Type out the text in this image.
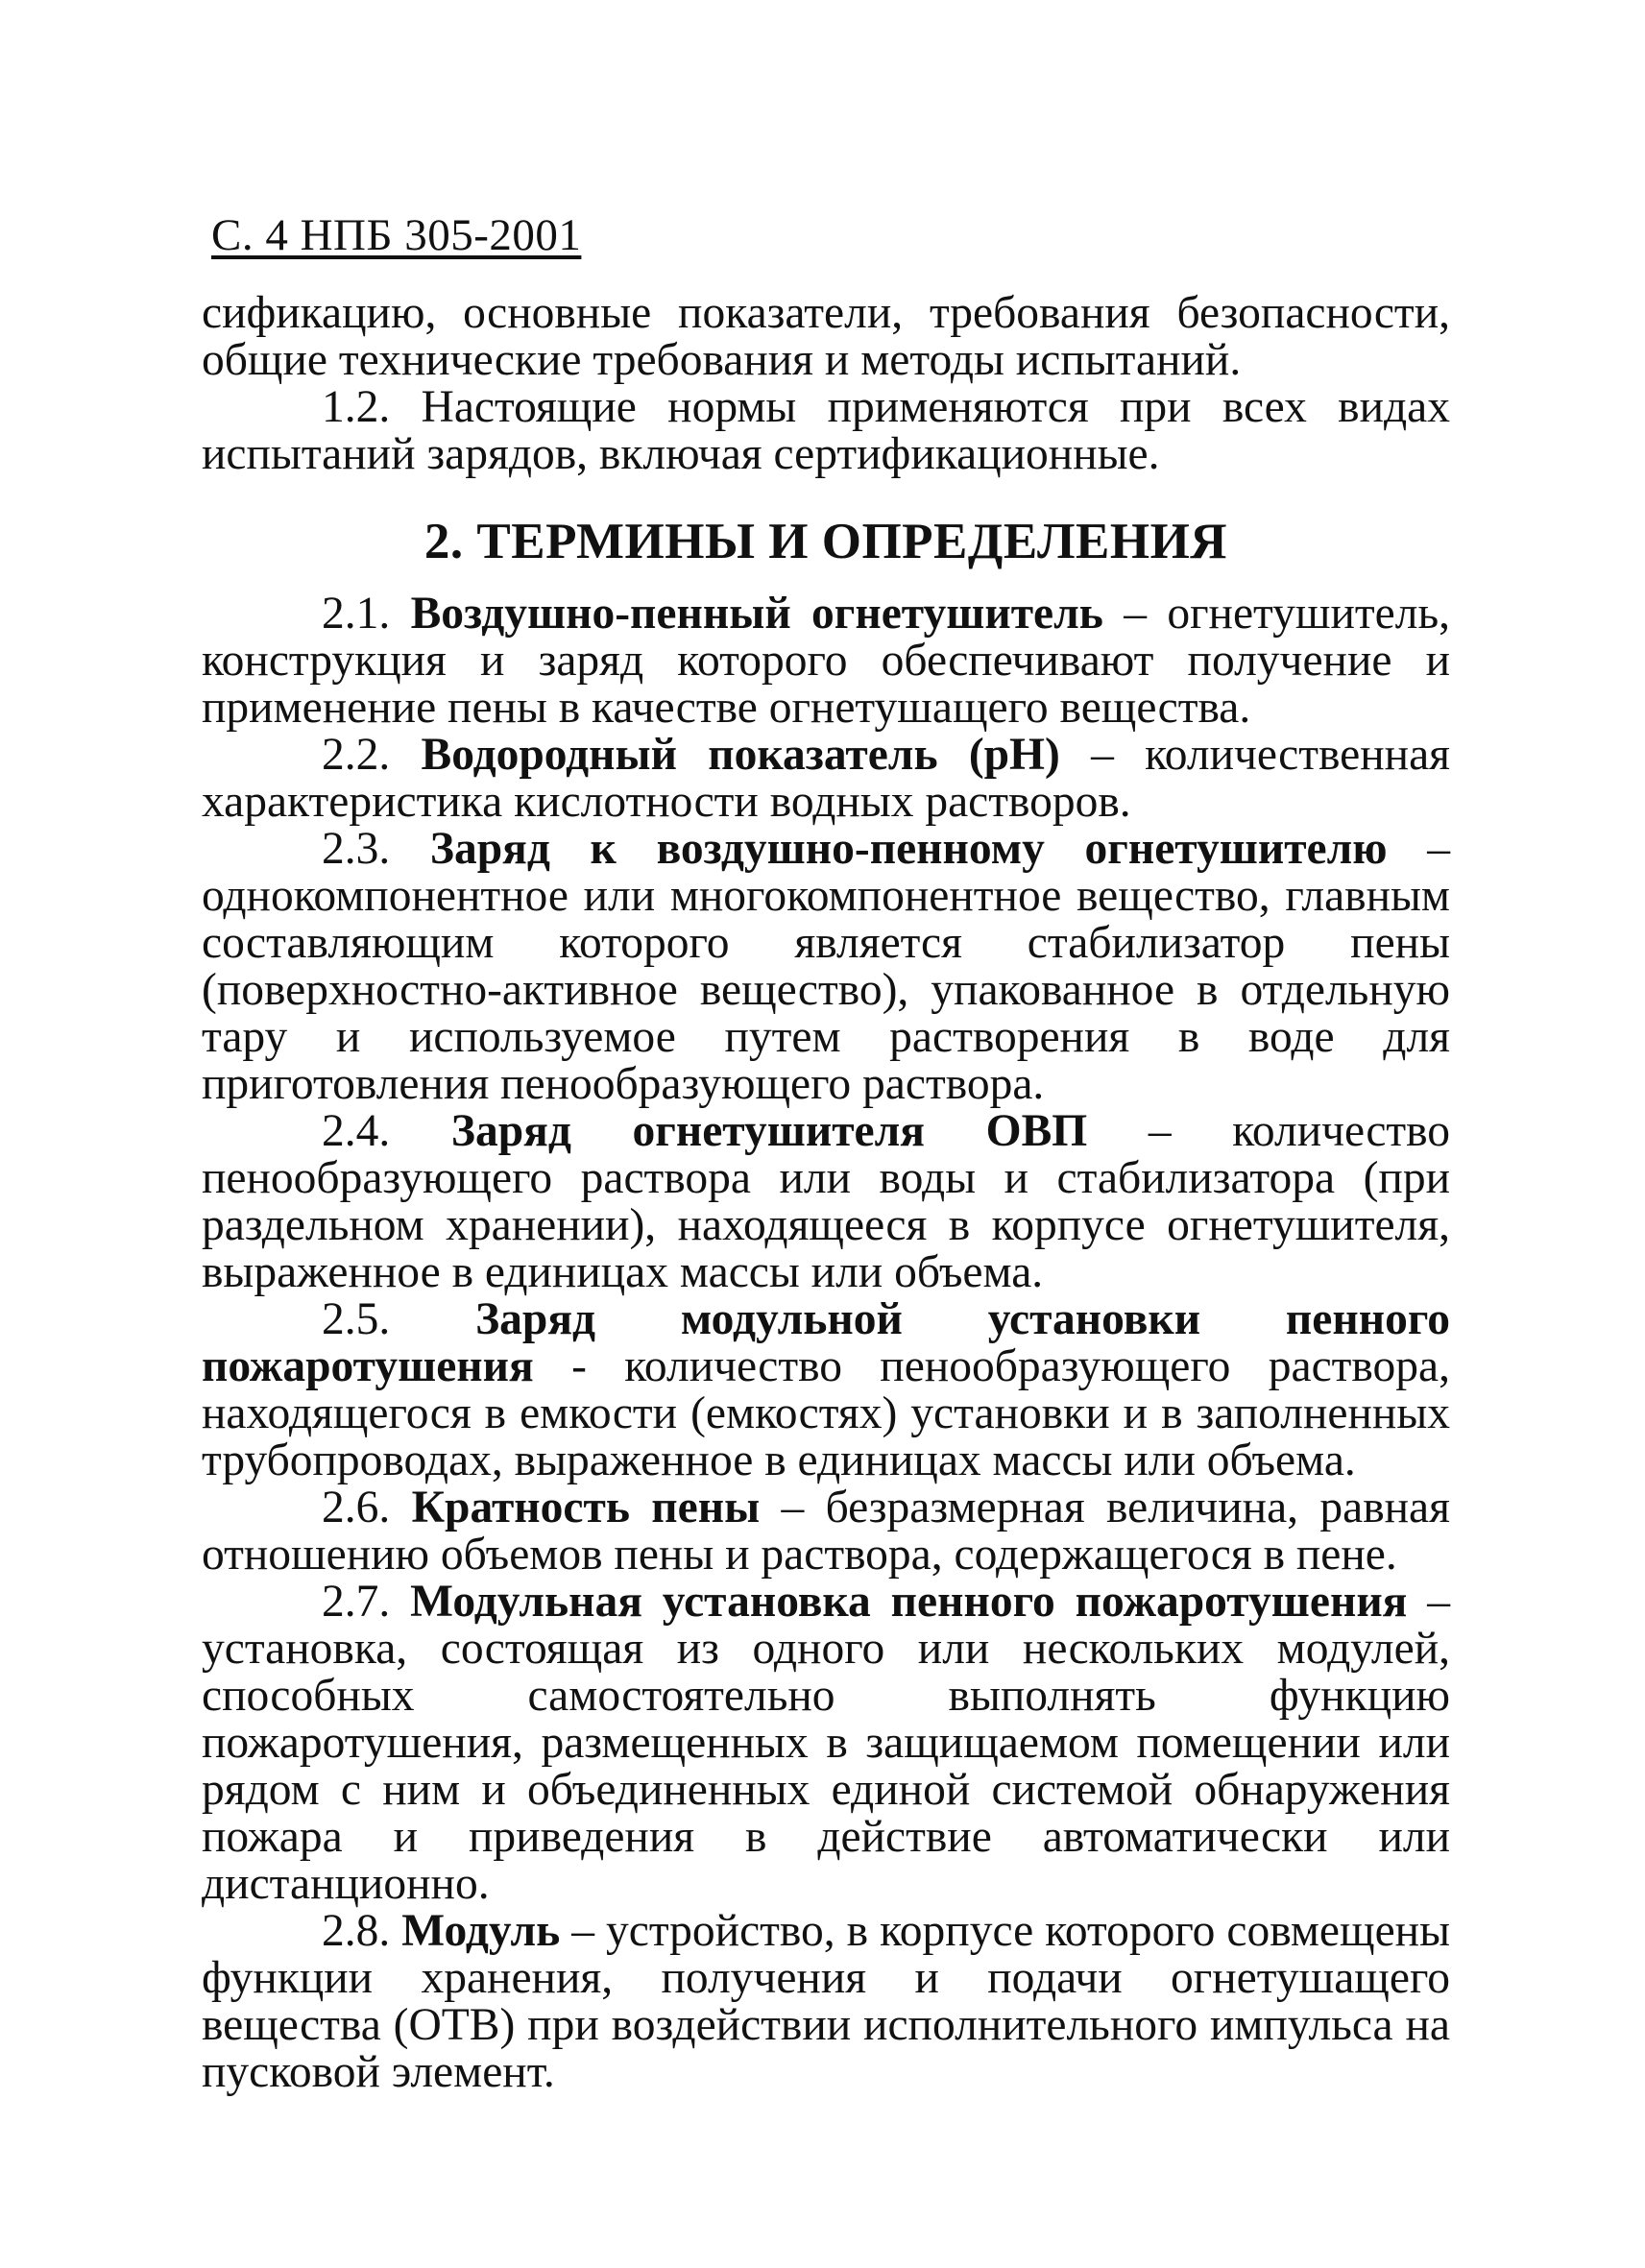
С. 4 НПБ 305-2001

сификацию, основные показатели, требования безопасности, общие технические требования и методы испытаний.

1.2. Настоящие нормы применяются при всех видах испытаний зарядов, включая сертификационные.

2. ТЕРМИНЫ И ОПРЕДЕЛЕНИЯ

2.1. Воздушно-пенный огнетушитель – огнетушитель, конструкция и заряд которого обеспечивают получение и применение пены в качестве огнетушащего вещества.

2.2. Водородный показатель (рН) – количественная характеристика кислотности водных растворов.

2.3. Заряд к воздушно-пенному огнетушителю – однокомпонентное или многокомпонентное вещество, главным составляющим которого является стабилизатор пены (поверхностно-активное вещество), упакованное в отдельную тару и используемое путем растворения в воде для приготовления пенообразующего раствора.

2.4. Заряд огнетушителя ОВП – количество пенообразующего раствора или воды и стабилизатора (при раздельном хранении), находящееся в корпусе огнетушителя, выраженное в единицах массы или объема.

2.5. Заряд модульной установки пенного пожаротушения - количество пенообразующего раствора, находящегося в емкости (емкостях) установки и в заполненных трубопроводах, выраженное в единицах массы или объема.

2.6. Кратность пены – безразмерная величина, равная отношению объемов пены и раствора, содержащегося в пене.

2.7. Модульная установка пенного пожаротушения – установка, состоящая из одного или нескольких модулей, способных самостоятельно выполнять функцию пожаротушения, размещенных в защищаемом помещении или рядом с ним и объединенных единой системой обнаружения пожара и приведения в действие автоматически или дистанционно.

2.8. Модуль – устройство, в корпусе которого совмещены функции хранения, получения и подачи огнетушащего вещества (ОТВ) при воздействии исполнительного импульса на пусковой элемент.
